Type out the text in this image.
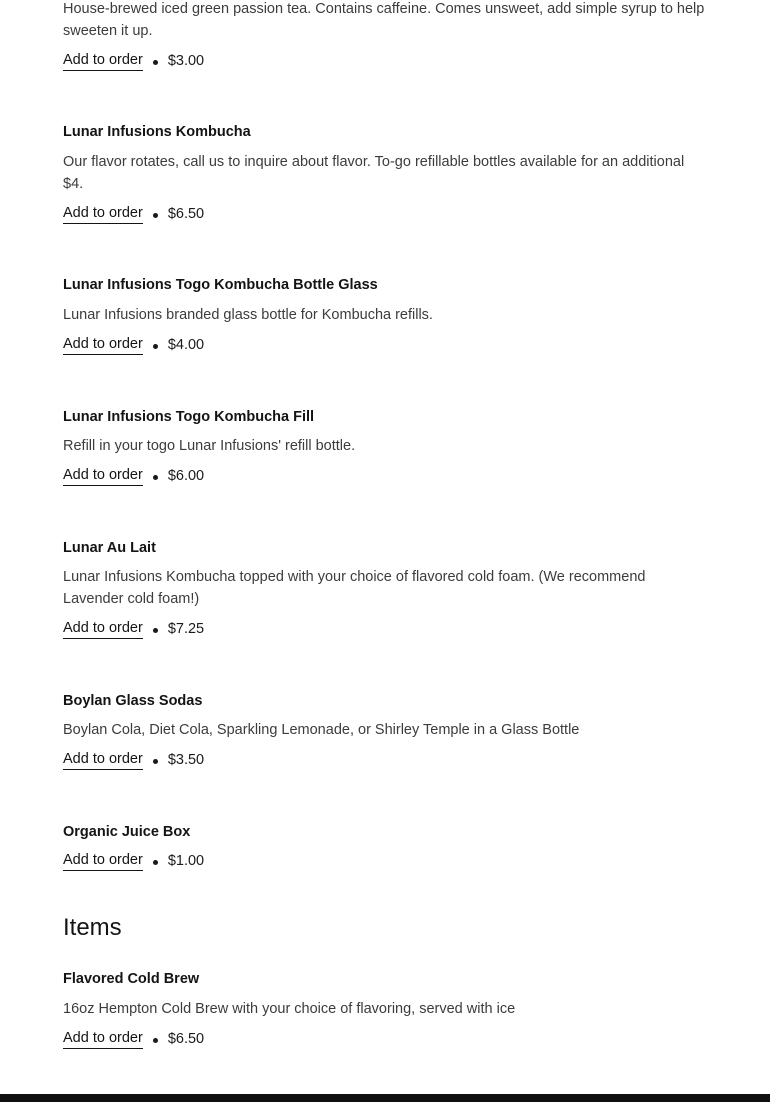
House-brewed iced green passion tea. Contains caffeine. Comes unsweet, add simple syrup to help sweeten it up.
Add to order $3.00
Lunar Infusions Kombucha
Our flavor rotates, call us to inquire about flavor. To-go refillable bottles available for an additional $4.
Add to order $6.50
Lunar Infusions Togo Kombucha Bottle Glass
Lunar Infusions branded glass bottle for Kombucha refills.
Add to order $4.00
Lunar Infusions Togo Kombucha Fill
Refill in your togo Lunar Infusions' refill bottle.
Add to order $6.00
Lunar Au Lait
Lunar Infusions Kombucha topped with your choice of flavored cold foam. (We recommend Lavender cold foam!)
Add to order $7.25
Boylan Glass Sodas
Boylan Cola, Diet Cola, Sparkling Lemonade, or Shirley Temple in a Glass Bottle
Add to order $3.50
Organic Juice Box
Add to order $1.00
Items
Flavored Cold Brew
16oz Hempton Cold Brew with your choice of flavoring, served with ice
Add to order $6.50
